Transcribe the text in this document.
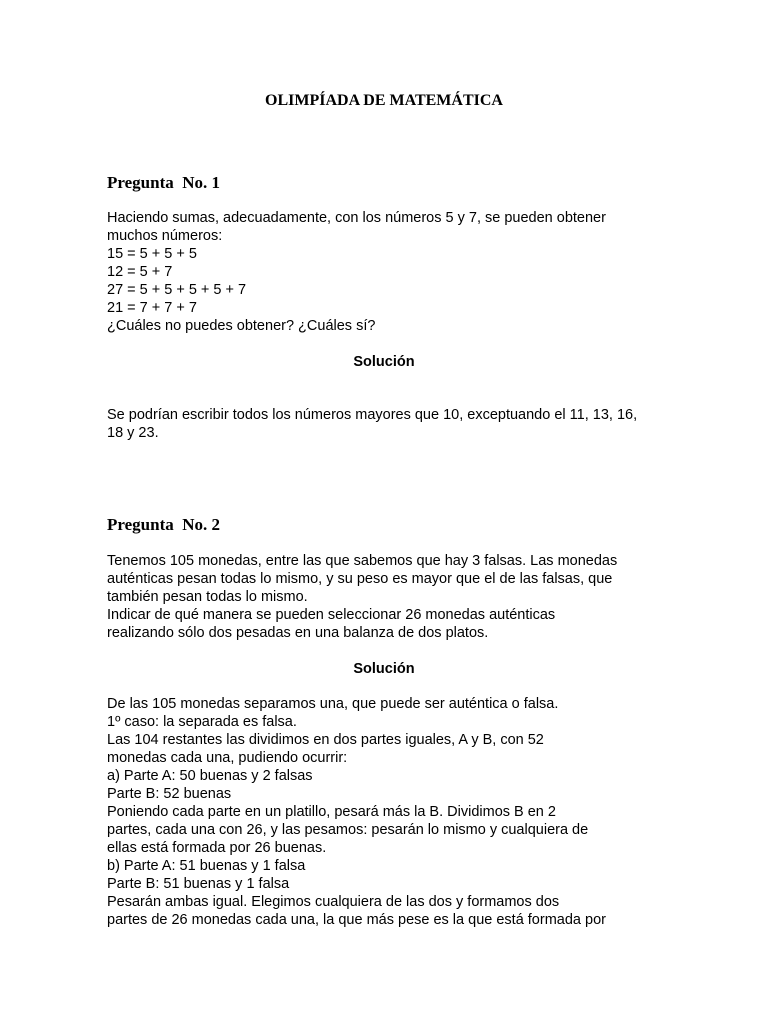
OLIMPÍADA DE MATEMÁTICA
Pregunta  No. 1
Haciendo sumas, adecuadamente, con los números 5 y 7, se pueden obtener
muchos números:
15 = 5 + 5 + 5
12 = 5 + 7
27 = 5 + 5 + 5 + 5 + 7
21 = 7 + 7 + 7
¿Cuáles no puedes obtener? ¿Cuáles sí?
Solución
Se podrían escribir todos los números mayores que 10, exceptuando el 11, 13, 16,
18 y 23.
Pregunta  No. 2
Tenemos 105 monedas, entre las que sabemos que hay 3 falsas. Las monedas
auténticas pesan todas lo mismo, y su peso es mayor que el de las falsas, que
también pesan todas lo mismo.
Indicar de qué manera se pueden seleccionar 26 monedas auténticas
realizando sólo dos pesadas en una balanza de dos platos.
Solución
De las 105 monedas separamos una, que puede ser auténtica o falsa.
1º caso: la separada es falsa.
Las 104 restantes las dividimos en dos partes iguales, A y B, con 52
monedas cada una, pudiendo ocurrir:
a) Parte A: 50 buenas y 2 falsas
Parte B: 52 buenas
Poniendo cada parte en un platillo, pesará más la B. Dividimos B en 2
partes, cada una con 26, y las pesamos: pesarán lo mismo y cualquiera de
ellas está formada por 26 buenas.
b) Parte A: 51 buenas y 1 falsa
Parte B: 51 buenas y 1 falsa
Pesarán ambas igual. Elegimos cualquiera de las dos y formamos dos
partes de 26 monedas cada una, la que más pese es la que está formada por
